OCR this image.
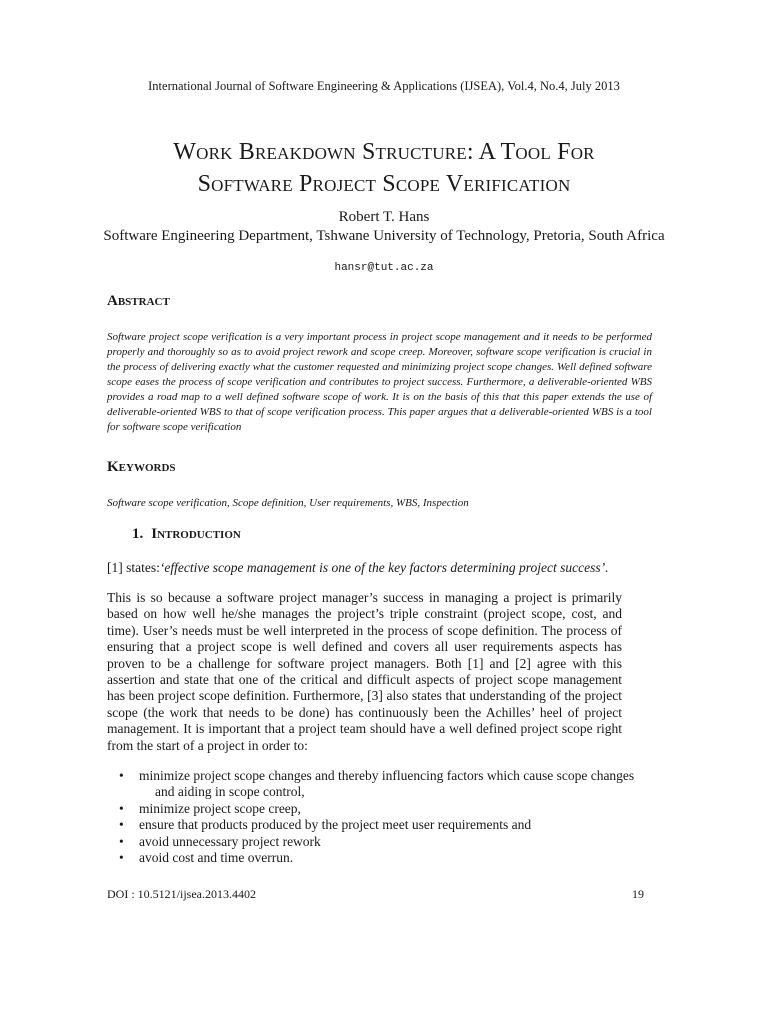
International Journal of Software Engineering & Applications (IJSEA), Vol.4, No.4, July 2013
Work Breakdown Structure: A Tool For
Software Project Scope Verification
Robert T. Hans
Software Engineering Department, Tshwane University of Technology, Pretoria, South Africa
hansr@tut.ac.za
Abstract
Software project scope verification is a very important process in project scope management and it needs to be performed properly and thoroughly so as to avoid project rework and scope creep. Moreover, software scope verification is crucial in the process of delivering exactly what the customer requested and minimizing project scope changes. Well defined software scope eases the process of scope verification and contributes to project success. Furthermore, a deliverable-oriented WBS provides a road map to a well defined software scope of work. It is on the basis of this that this paper extends the use of deliverable-oriented WBS to that of scope verification process. This paper argues that a deliverable-oriented WBS is a tool for software scope verification
Keywords
Software scope verification, Scope definition, User requirements, WBS, Inspection
1. Introduction
[1] states:‘effective scope management is one of the key factors determining project success’.
This is so because a software project manager’s success in managing a project is primarily based on how well he/she manages the project’s triple constraint (project scope, cost, and time). User’s needs must be well interpreted in the process of scope definition. The process of ensuring that a project scope is well defined and covers all user requirements aspects has proven to be a challenge for software project managers. Both [1] and [2] agree with this assertion and state that one of the critical and difficult aspects of project scope management has been project scope definition. Furthermore, [3] also states that understanding of the project scope (the work that needs to be done) has continuously been the Achilles’ heel of project management. It is important that a project team should have a well defined project scope right from the start of a project in order to:
• minimize project scope changes and thereby influencing factors which cause scope changes
and aiding in scope control,
• minimize project scope creep,
• ensure that products produced by the project meet user requirements and
• avoid unnecessary project rework
• avoid cost and time overrun.
DOI : 10.5121/ijsea.2013.4402	19
